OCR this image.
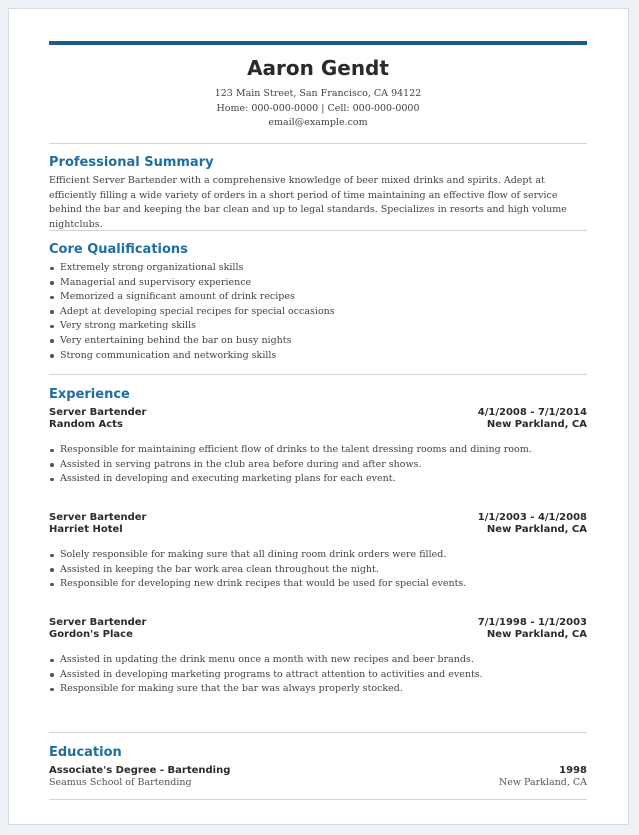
Aaron Gendt
123 Main Street, San Francisco, CA 94122
Home: 000-000-0000 | Cell: 000-000-0000
email@example.com
Professional Summary
Efficient Server Bartender with a comprehensive knowledge of beer mixed drinks and spirits. Adept at efficiently filling a wide variety of orders in a short period of time maintaining an effective flow of service behind the bar and keeping the bar clean and up to legal standards. Specializes in resorts and high volume nightclubs.
Core Qualifications
Extremely strong organizational skills
Managerial and supervisory experience
Memorized a significant amount of drink recipes
Adept at developing special recipes for special occasions
Very strong marketing skills
Very entertaining behind the bar on busy nights
Strong communication and networking skills
Experience
Server Bartender	4/1/2008 - 7/1/2014
Random Acts	New Parkland, CA
Responsible for maintaining efficient flow of drinks to the talent dressing rooms and dining room.
Assisted in serving patrons in the club area before during and after shows.
Assisted in developing and executing marketing plans for each event.
Server Bartender	1/1/2003 - 4/1/2008
Harriet Hotel	New Parkland, CA
Solely responsible for making sure that all dining room drink orders were filled.
Assisted in keeping the bar work area clean throughout the night.
Responsible for developing new drink recipes that would be used for special events.
Server Bartender	7/1/1998 - 1/1/2003
Gordon's Place	New Parkland, CA
Assisted in updating the drink menu once a month with new recipes and beer brands.
Assisted in developing marketing programs to attract attention to activities and events.
Responsible for making sure that the bar was always properly stocked.
Education
Associate's Degree - Bartending	1998
Seamus School of Bartending	New Parkland, CA
